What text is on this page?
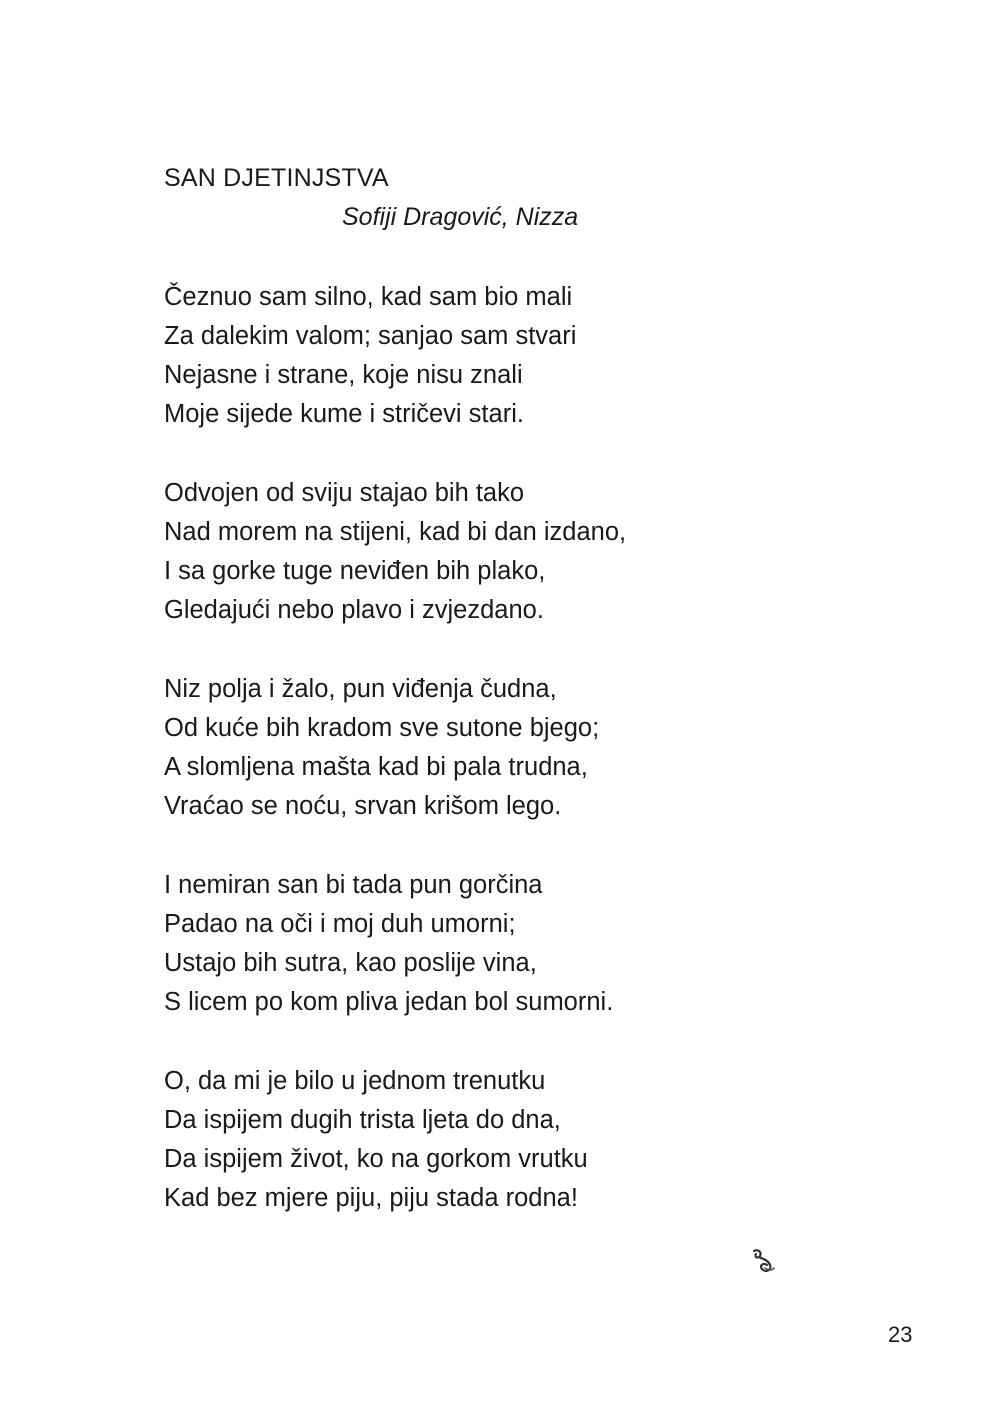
SAN DJETINJSTVA
Sofiji Dragović, Nizza
Čeznuo sam silno, kad sam bio mali
Za dalekim valom; sanjao sam stvari
Nejasne i strane, koje nisu znali
Moje sijede kume i stričevi stari.
Odvojen od sviju stajao bih tako
Nad morem na stijeni, kad bi dan izdano,
I sa gorke tuge neviđen bih plako,
Gledajući nebo plavo i zvjezdano.
Niz polja i žalo, pun viđenja čudna,
Od kuće bih kradom sve sutone bjego;
A slomljena mašta kad bi pala trudna,
Vraćao se noću, srvan krišom lego.
I nemiran san bi tada pun gorčina
Padao na oči i moj duh umorni;
Ustajo bih sutra, kao poslije vina,
S licem po kom pliva jedan bol sumorni.
O, da mi je bilo u jednom trenutku
Da ispijem dugih trista ljeta do dna,
Da ispijem život, ko na gorkom vrutku
Kad bez mjere piju, piju stada rodna!
23
